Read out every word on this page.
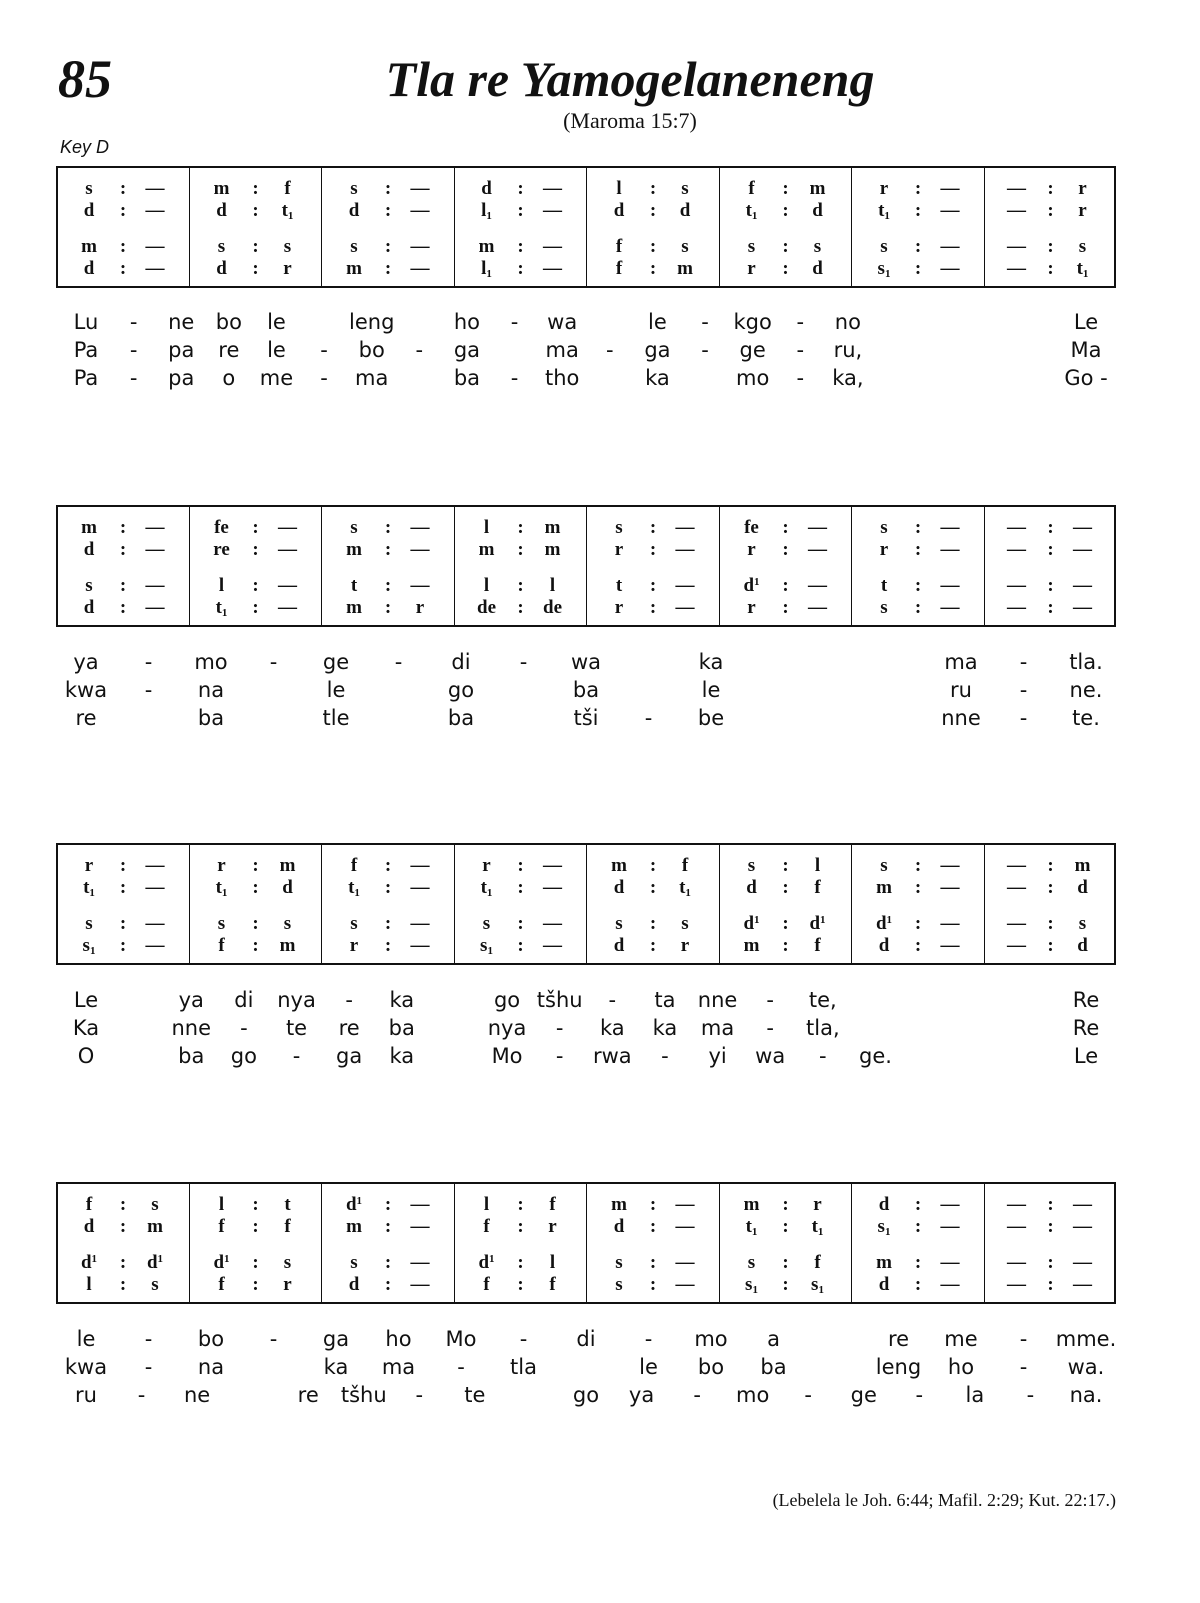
85	Tla re Yamogelaneneng
(Maroma 15:7)
Key D
s	:	—	m	:	f	s	:	—	d	:	—	l	:	s	f	:	m	r	:	—	—	:	r
d	:	—	d	:	$t_1$	d	:	—	$l_1$	:	—	d	:	d	$t_1$	:	d	$t_1$	:	—	—	:	r
m	:	—	s	:	s	s	:	—	m	:	—	f	:	s	s	:	s	s	:	—	—	:	s
d	:	—	d	:	r	m	:	—	$l_1$	:	—	f	:	m	r	:	d	$s_1$	:	—	—	:	$t_1$
Lu - ne bo le	leng	ho - wa	le - kgo - no	Le
Pa - pa re le - bo - ga	ma - ga - ge - ru,	Ma
Pa - pa o me - ma	ba - tho	ka	mo - ka,	Go -
m	:	—	fe	:	—	s	:	—	l	:	m	s	:	—	fe	:	—	s	:	—	—	:	—
d	:	—	re	:	—	m	:	—	m	:	m	r	:	—	r	:	—	r	:	—	—	:	—
s	:	—	l	:	—	t	:	—	l	:	l	t	:	—	$d^1$	:	—	t	:	—	—	:	—
d	:	—	$t_1$	:	—	m	:	r	de	:	de	r	:	—	r	:	—	s	:	—	—	:	—
ya - mo - ge - di - wa	ka	ma - tla.
kwa - na	le	go	ba	le	ru - ne.
re	ba	tle	ba	tši - be	nne - te.
r	:	—	r	:	m	f	:	—	r	:	—	m	:	f	s	:	l	s	:	—	—	:	m
$t_1$	:	—	$t_1$	:	d	$t_1$	:	—	$t_1$	:	—	d	:	$t_1$	d	:	f	m	:	—	—	:	d
s	:	—	s	:	s	s	:	—	s	:	—	s	:	s	$d^1$	:	$d^1$	$d^1$	:	—	—	:	s
$s_1$	:	—	f	:	m	r	:	—	$s_1$	:	—	d	:	r	m	:	f	d	:	—	—	:	d
Le	ya di nya - ka	go tšhu - ta nne - te,	Re
Ka	nne - te re ba	nya - ka ka ma - tla,	Re
O	ba go - ga ka	Mo - rwa - yi wa - ge.	Le
f	:	s	l	:	t	$d^1$	:	—	l	:	f	m	:	—	m	:	r	d	:	—	—	:	—
d	:	m	f	:	f	m	:	—	f	:	r	d	:	—	$t_1$	:	$t_1$	$s_1$	:	—	—	:	—
$d^1$	:	$d^1$	$d^1$	:	s	s	:	—	$d^1$	:	l	s	:	—	s	:	f	m	:	—	—	:	—
l	:	s	f	:	r	d	:	—	f	:	f	s	:	—	$s_1$	:	$s_1$	d	:	—	—	:	—
le - bo - ga ho Mo - di - mo a	re me - mme.
kwa - na	ka ma - tla	le bo ba	leng ho - wa.
ru - ne	re tšhu - te	go ya - mo - ge - la - na.
(Lebelela le Joh. 6:44; Mafil. 2:29; Kut. 22:17.)
